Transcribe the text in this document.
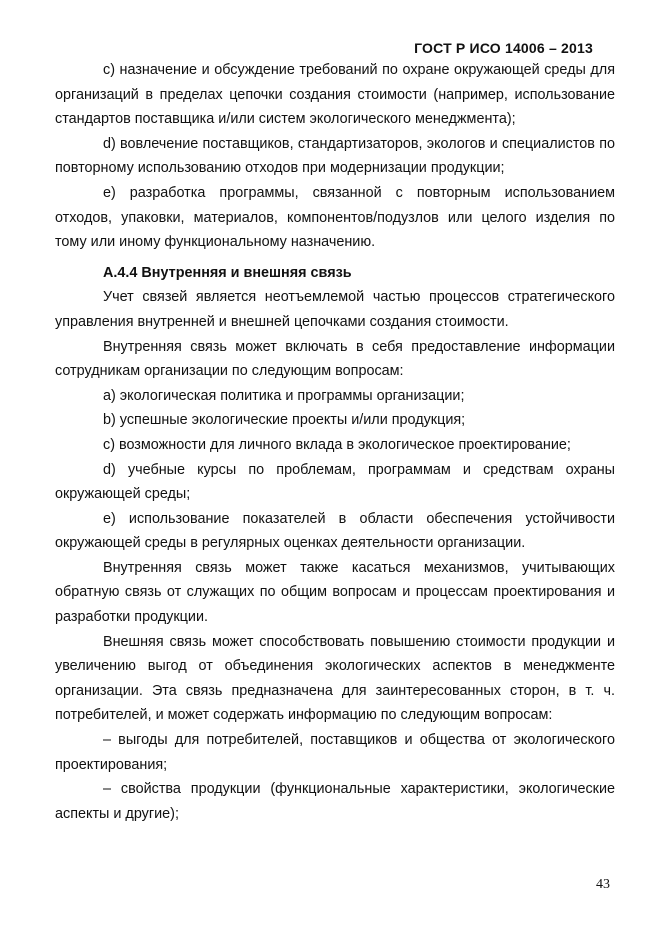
ГОСТ Р ИСО 14006 – 2013

c) назначение и обсуждение требований по охране окружающей среды для организаций в пределах цепочки создания стоимости (например, использование стандартов поставщика и/или систем экологического менеджмента);

d) вовлечение поставщиков, стандартизаторов, экологов и специалистов по повторному использованию отходов при модернизации продукции;

e) разработка программы, связанной с повторным использованием отходов, упаковки, материалов, компонентов/подузлов или целого изделия по тому или иному функциональному назначению.

А.4.4 Внутренняя и внешняя связь

Учет связей является неотъемлемой частью процессов стратегического управления внутренней и внешней цепочками создания стоимости.

Внутренняя связь может включать в себя предоставление информации сотрудникам организации по следующим вопросам:

a) экологическая политика и программы организации;

b) успешные экологические проекты и/или продукция;

c) возможности для личного вклада в экологическое проектирование;

d) учебные курсы по проблемам, программам и средствам охраны окружающей среды;

e) использование показателей в области обеспечения устойчивости окружающей среды в регулярных оценках деятельности организации.

Внутренняя связь может также касаться механизмов, учитывающих обратную связь от служащих по общим вопросам и процессам проектирования и разработки продукции.

Внешняя связь может способствовать повышению стоимости продукции и увеличению выгод от объединения экологических аспектов в менеджменте организации. Эта связь предназначена для заинтересованных сторон, в т. ч. потребителей, и может содержать информацию по следующим вопросам:

– выгоды для потребителей, поставщиков и общества от экологического проектирования;

– свойства продукции (функциональные характеристики, экологические аспекты и другие);

43
